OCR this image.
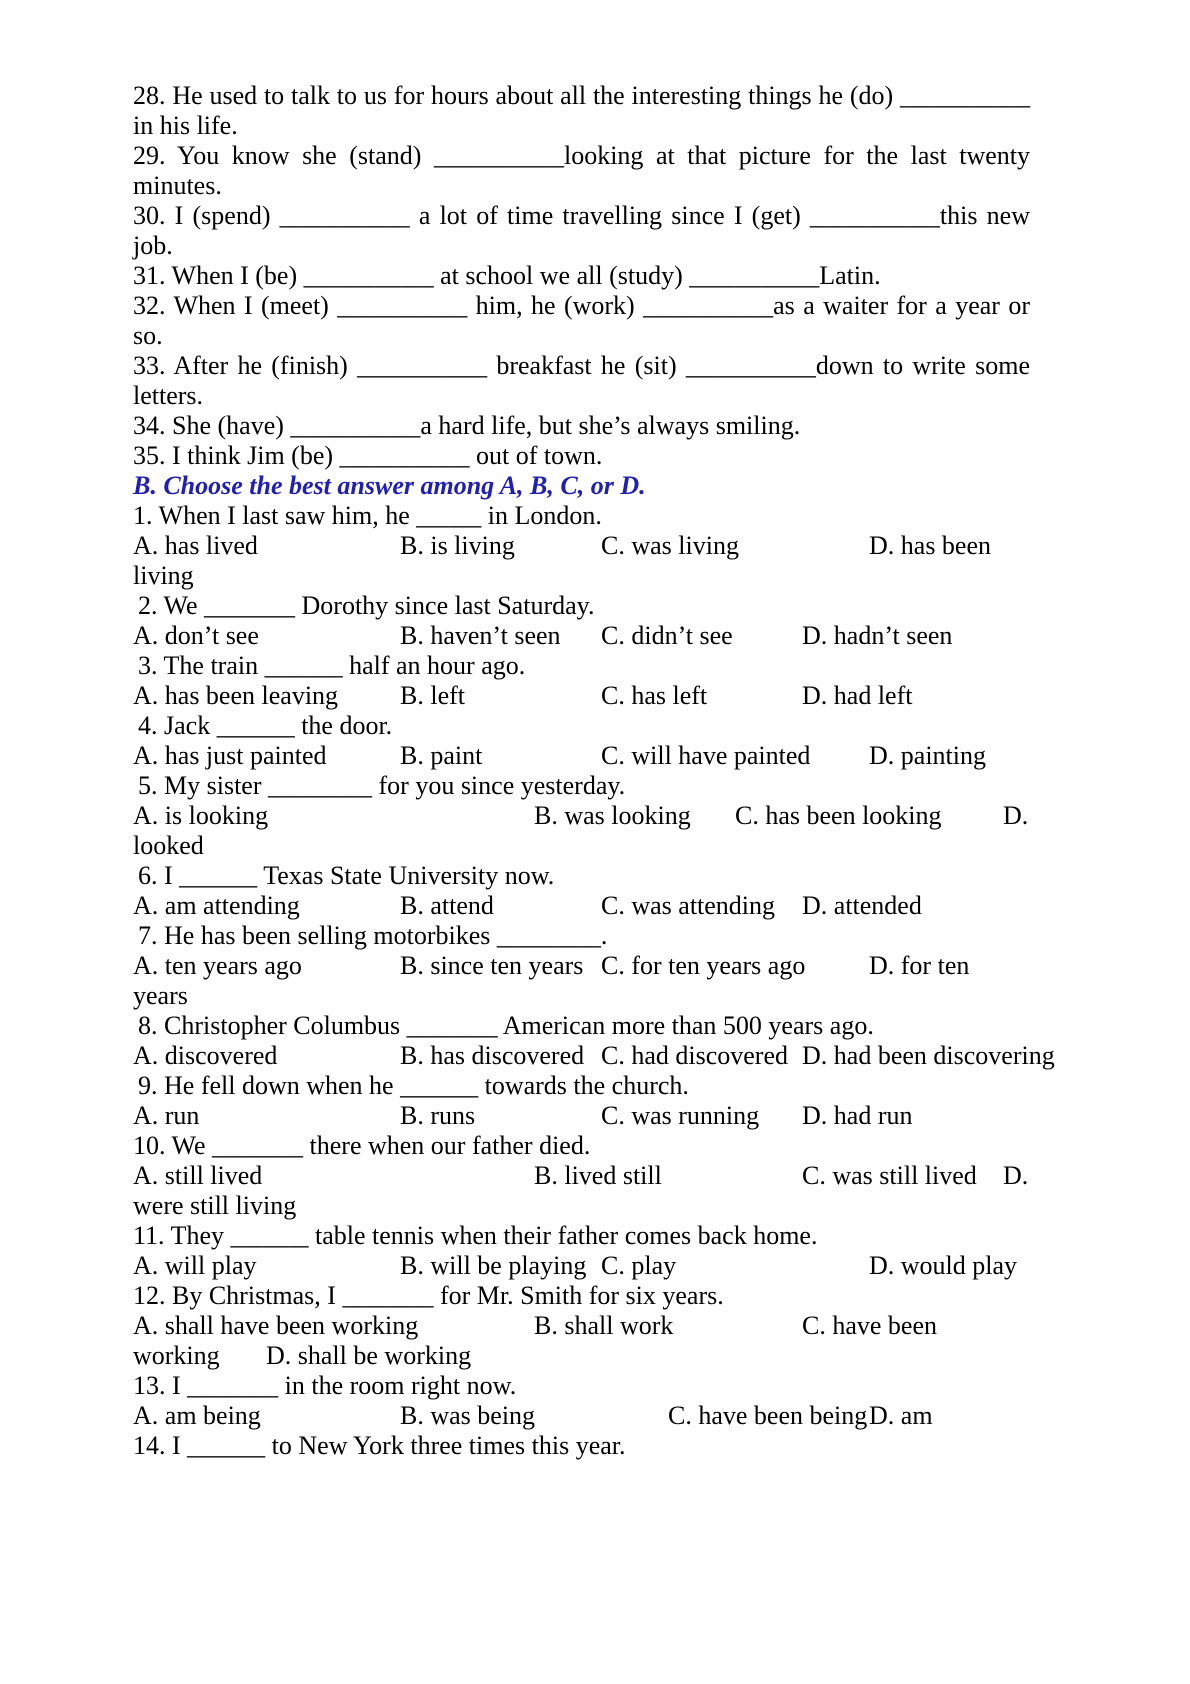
28. He used to talk to us for hours about all the interesting things he (do) __________
in his life.
29. You know she (stand) __________looking at that picture for the last twenty
minutes.
30. I (spend) __________ a lot of time travelling since I (get) __________this new
job.
31. When I (be) __________ at school we all (study) __________Latin.
32. When I (meet) __________ him, he (work) __________as a waiter for a year or
so.
33. After he (finish) __________ breakfast he (sit) __________down to write some
letters.
34. She (have) __________a hard life, but she’s always smiling.
35. I think Jim (be) __________ out of town.
B. Choose the best answer among A, B, C, or D.
1. When I last saw him, he _____ in London.
A. has lived	B. is living	C. was living	D. has been
living
2. We _______ Dorothy since last Saturday.
A. don’t see	B. haven’t seen C. didn’t see	D. hadn’t seen
3. The train ______ half an hour ago.
A. has been leaving B. left	C. has left	D. had left
4. Jack ______ the door.
A. has just painted	B. paint	C. will have painted D. painting
5. My sister ________ for you since yesterday.
A. is looking	B. was looking C. has been looking D.
looked
6. I ______ Texas State University now.
A. am attending	B. attend	C. was attending D. attended
7. He has been selling motorbikes ________.
A. ten years ago	B. since ten years C. for ten years ago D. for ten
years
8. Christopher Columbus _______ American more than 500 years ago.
A. discovered	B. has discovered C. had discovered D. had been discovering
9. He fell down when he ______ towards the church.
A. run	B. runs	C. was running D. had run
10. We _______ there when our father died.
A. still lived	B. lived still	C. was still lived D.
were still living
11. They ______ table tennis when their father comes back home.
A. will play	B. will be playing C. play	D. would play
12. By Christmas, I _______ for Mr. Smith for six years.
A. shall have been working	B. shall work	C. have been
working D. shall be working
13. I _______ in the room right now.
A. am being	B. was being	C. have been being D. am
14. I ______ to New York three times this year.
